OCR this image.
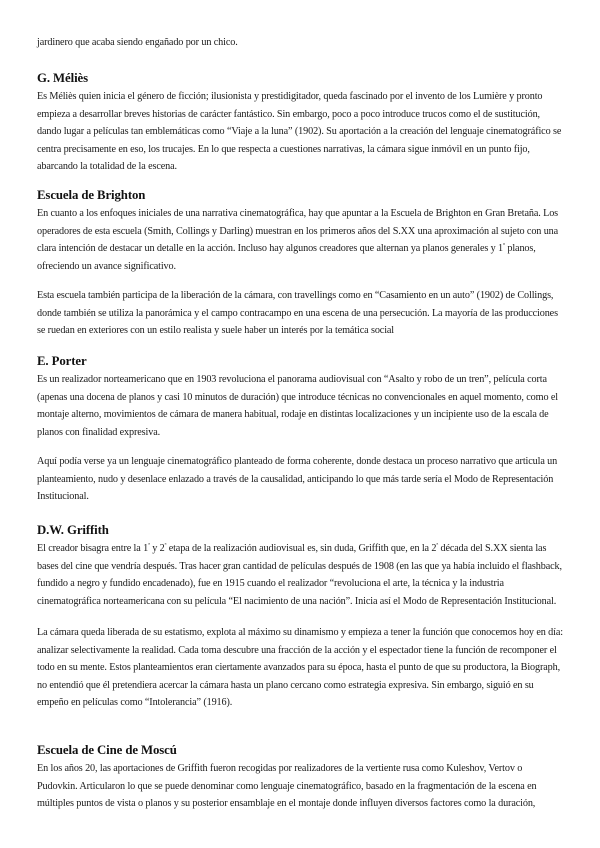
jardinero que acaba siendo engañado por un chico.

G. Méliès

Es Méliès quien inicia el género de ficción; ilusionista y prestidigitador, queda fascinado por el invento de los Lumière y pronto empieza a desarrollar breves historias de carácter fantástico. Sin embargo, poco a poco introduce trucos como el de sustitución, dando lugar a películas tan emblemáticas como “Viaje a la luna” (1902). Su aportación a la creación del lenguaje cinematográfico se centra precisamente en eso, los trucajes. En lo que respecta a cuestiones narrativas, la cámara sigue inmóvil en un punto fijo, abarcando la totalidad de la escena.

Escuela de Brighton

En cuanto a los enfoques iniciales de una narrativa cinematográfica, hay que apuntar a la Escuela de Brighton en Gran Bretaña. Los operadores de esta escuela (Smith, Collings y Darling) muestran en los primeros años del S.XX una aproximación al sujeto con una clara intención de destacar un detalle en la acción. Incluso hay algunos creadores que alternan ya planos generales y $1^º$ planos, ofreciendo un avance significativo.

Esta escuela también participa de la liberación de la cámara, con travellings como en “Casamiento en un auto” (1902) de Collings, donde también se utiliza la panorámica y el campo contracampo en una escena de una persecución. La mayoría de las producciones se ruedan en exteriores con un estilo realista y suele haber un interés por la temática social

E. Porter

Es un realizador norteamericano que en 1903 revoluciona el panorama audiovisual con “Asalto y robo de un tren”, película corta (apenas una docena de planos y casi 10 minutos de duración) que introduce técnicas no convencionales en aquel momento, como el montaje alterno, movimientos de cámara de manera habitual, rodaje en distintas localizaciones y un incipiente uso de la escala de planos con finalidad expresiva.

Aquí podía verse ya un lenguaje cinematográfico planteado de forma coherente, donde destaca un proceso narrativo que articula un planteamiento, nudo y desenlace enlazado a través de la causalidad, anticipando lo que más tarde sería el Modo de Representación Institucional.

D.W. Griffith

El creador bisagra entre la $1^ª$ y $2^ª$ etapa de la realización audiovisual es, sin duda, Griffith que, en la $2^ª$ década del S.XX sienta las bases del cine que vendría después. Tras hacer gran cantidad de películas después de 1908 (en las que ya había incluido el flashback, fundido a negro y fundido encadenado), fue en 1915 cuando el realizador “revoluciona el arte, la técnica y la industria cinematográfica norteamericana con su película “El nacimiento de una nación”. Inicia así el Modo de Representación Institucional.

La cámara queda liberada de su estatismo, explota al máximo su dinamismo y empieza a tener la función que conocemos hoy en día: analizar selectivamente la realidad. Cada toma descubre una fracción de la acción y el espectador tiene la función de recomponer el todo en su mente. Estos planteamientos eran ciertamente avanzados para su época, hasta el punto de que su productora, la Biograph, no entendió que él pretendiera acercar la cámara hasta un plano cercano como estrategia expresiva. Sin embargo, siguió en su empeño en películas como “Intolerancia” (1916).

Escuela de Cine de Moscú

En los años 20, las aportaciones de Griffith fueron recogidas por realizadores de la vertiente rusa como Kuleshov, Vertov o Pudovkin. Articularon lo que se puede denominar como lenguaje cinematográfico, basado en la fragmentación de la escena en múltiples puntos de vista o planos y su posterior ensamblaje en el montaje donde influyen diversos factores como la duración,
